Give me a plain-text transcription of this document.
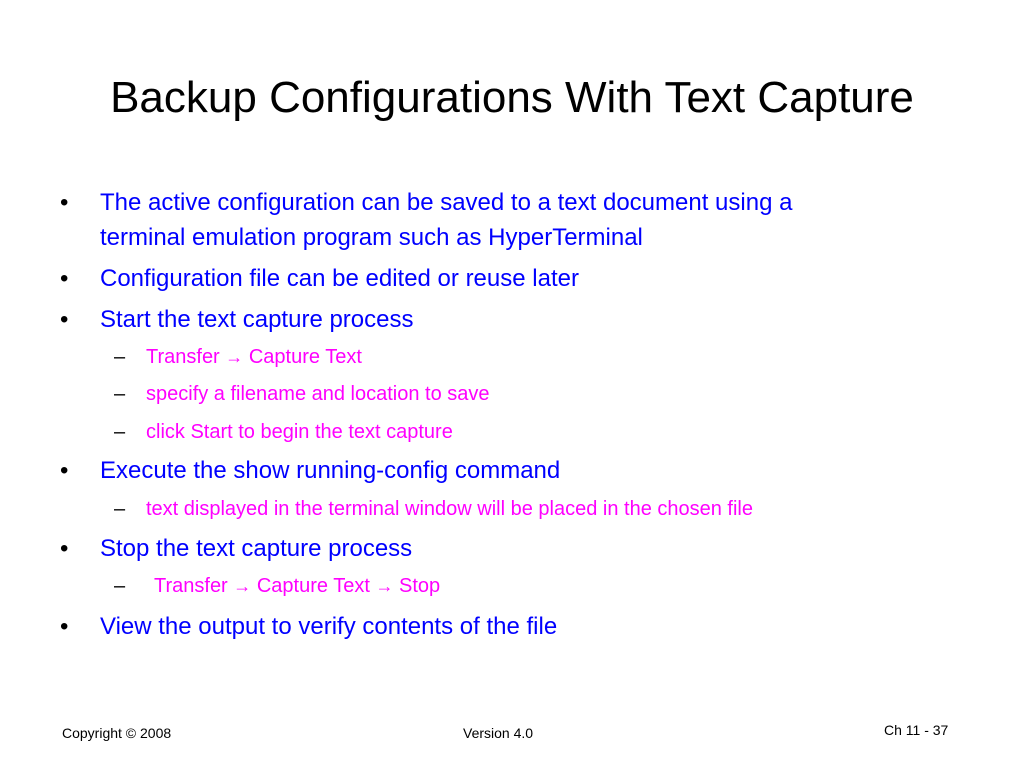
Backup Configurations With Text Capture
• The active configuration can be saved to a text document using a
terminal emulation program such as HyperTerminal
• Configuration file can be edited or reuse later
• Start the text capture process
– Transfer → Capture Text
– specify a filename and location to save
– click Start to begin the text capture
• Execute the show running-config command
– text displayed in the terminal window will be placed in the chosen file
• Stop the text capture process
– Transfer → Capture Text → Stop
• View the output to verify contents of the file
Copyright © 2008	Version 4.0	Ch 11 - 37
